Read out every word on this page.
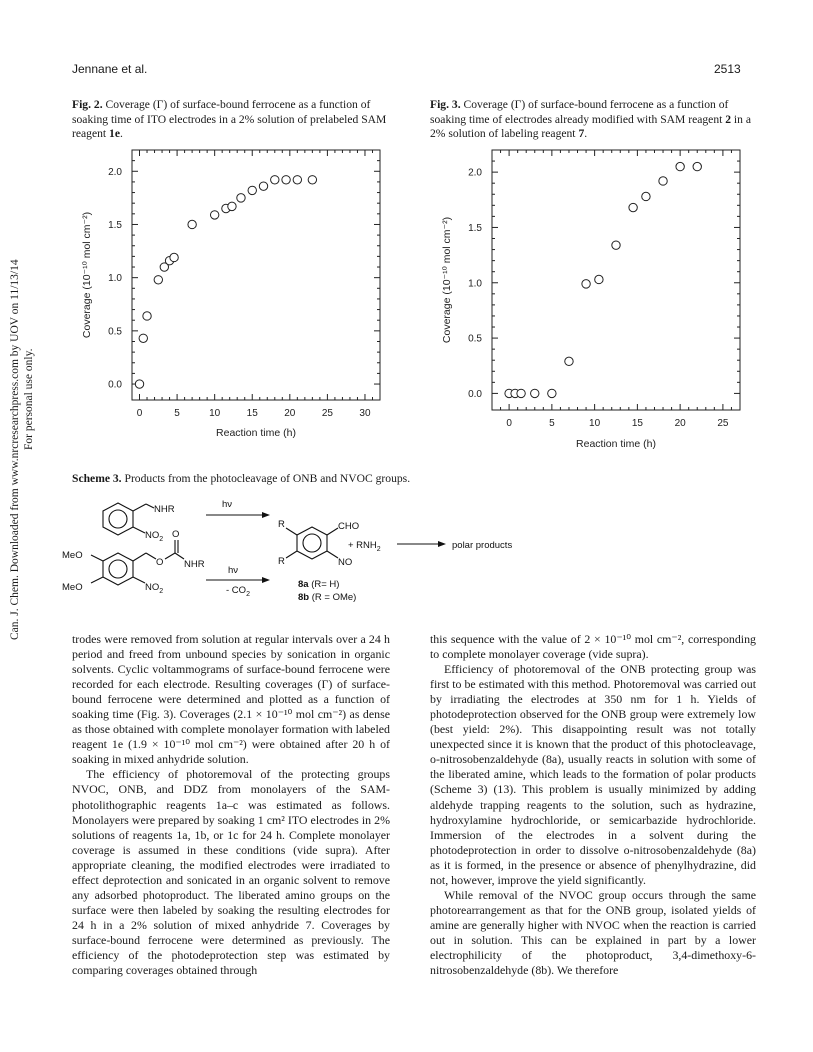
Jennane et al.	2513
Can. J. Chem. Downloaded from www.nrcresearchpress.com by UOV on 11/13/14 For personal use only.
Fig. 2. Coverage (Γ) of surface-bound ferrocene as a function of soaking time of ITO electrodes in a 2% solution of prelabeled SAM reagent 1e.
Fig. 3. Coverage (Γ) of surface-bound ferrocene as a function of soaking time of electrodes already modified with SAM reagent 2 in a 2% solution of labeling reagent 7.
0	5	10	15	20	25	30
0.0
0.5
1.0
1.5
2.0
Reaction time (h)
Coverage (10⁻¹⁰ mol cm⁻²)
0	5	10	15	20	25
0.0
0.5
1.0
1.5
2.0
Reaction time (h)
Coverage (10⁻¹⁰ mol cm⁻²)
Scheme 3. Products from the photocleavage of ONB and NVOC groups.
NHR
$NO_2$
hν
MeO
MeO	$NO_2$
O
O
NHR
hν
- $CO_2$
R
R
CHO
NO
+ $RNH_2$	polar products
8a (R= H)
8b (R = OMe)

trodes were removed from solution at regular intervals over a 24 h period and freed from unbound species by sonication in organic solvents. Cyclic voltammograms of surface-bound ferrocene were recorded for each electrode. Resulting coverages (Γ) of surface-bound ferrocene were determined and plotted as a function of soaking time (Fig. 3). Coverages (2.1 × 10⁻¹⁰ mol cm⁻²) as dense as those obtained with complete monolayer formation with labeled reagent 1e (1.9 × 10⁻¹⁰ mol cm⁻²) were obtained after 20 h of soaking in mixed anhydride solution.

The efficiency of photoremoval of the protecting groups NVOC, ONB, and DDZ from monolayers of the SAM-photolithographic reagents 1a–c was estimated as follows. Monolayers were prepared by soaking 1 cm² ITO electrodes in 2% solutions of reagents 1a, 1b, or 1c for 24 h. Complete monolayer coverage is assumed in these conditions (vide supra). After appropriate cleaning, the modified electrodes were irradiated to effect deprotection and sonicated in an organic solvent to remove any adsorbed photoproduct. The liberated amino groups on the surface were then labeled by soaking the resulting electrodes for 24 h in a 2% solution of mixed anhydride 7. Coverages by surface-bound ferrocene were determined as previously. The efficiency of the photodeprotection step was estimated by comparing coverages obtained through

this sequence with the value of 2 × 10⁻¹⁰ mol cm⁻², corresponding to complete monolayer coverage (vide supra).

Efficiency of photoremoval of the ONB protecting group was first to be estimated with this method. Photoremoval was carried out by irradiating the electrodes at 350 nm for 1 h. Yields of photodeprotection observed for the ONB group were extremely low (best yield: 2%). This disappointing result was not totally unexpected since it is known that the product of this photocleavage, o-nitrosobenzaldehyde (8a), usually reacts in solution with some of the liberated amine, which leads to the formation of polar products (Scheme 3) (13). This problem is usually minimized by adding aldehyde trapping reagents to the solution, such as hydrazine, hydroxylamine hydrochloride, or semicarbazide hydrochloride. Immersion of the electrodes in a solvent during the photodeprotection in order to dissolve o-nitrosobenzaldehyde (8a) as it is formed, in the presence or absence of phenylhydrazine, did not, however, improve the yield significantly.

While removal of the NVOC group occurs through the same photorearrangement as that for the ONB group, isolated yields of amine are generally higher with NVOC when the reaction is carried out in solution. This can be explained in part by a lower electrophilicity of the photoproduct, 3,4-dimethoxy-6-nitrosobenzaldehyde (8b). We therefore
